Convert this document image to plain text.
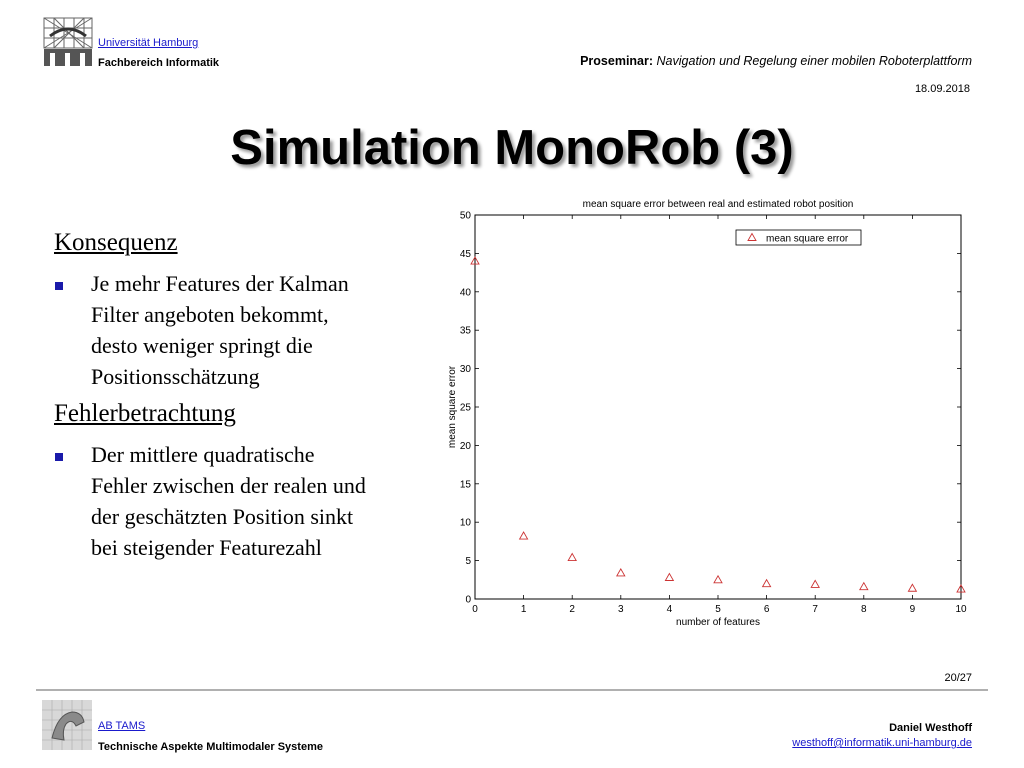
Universität Hamburg
Fachbereich Informatik	Proseminar: Navigation und Regelung einer mobilen Roboterplattform
18.09.2018
Simulation MonoRob (3)
Konsequenz
Je mehr Features der Kalman
Filter angeboten bekommt,
desto weniger springt die
Positionsschätzung
Fehlerbetrachtung
Der mittlere quadratische
Fehler zwischen der realen und
der geschätzten Position sinkt
bei steigender Featurezahl
mean square error between real and estimated robot position
0	1	2	3	4	5	6	7	8	9	10
0
5
10
15
20
25
30
35
40
45
50
number of features
mean square error
mean square error
20/27
AB TAMS
Technische Aspekte Multimodaler Systeme
Daniel Westhoff
westhoff@informatik.uni-hamburg.de
